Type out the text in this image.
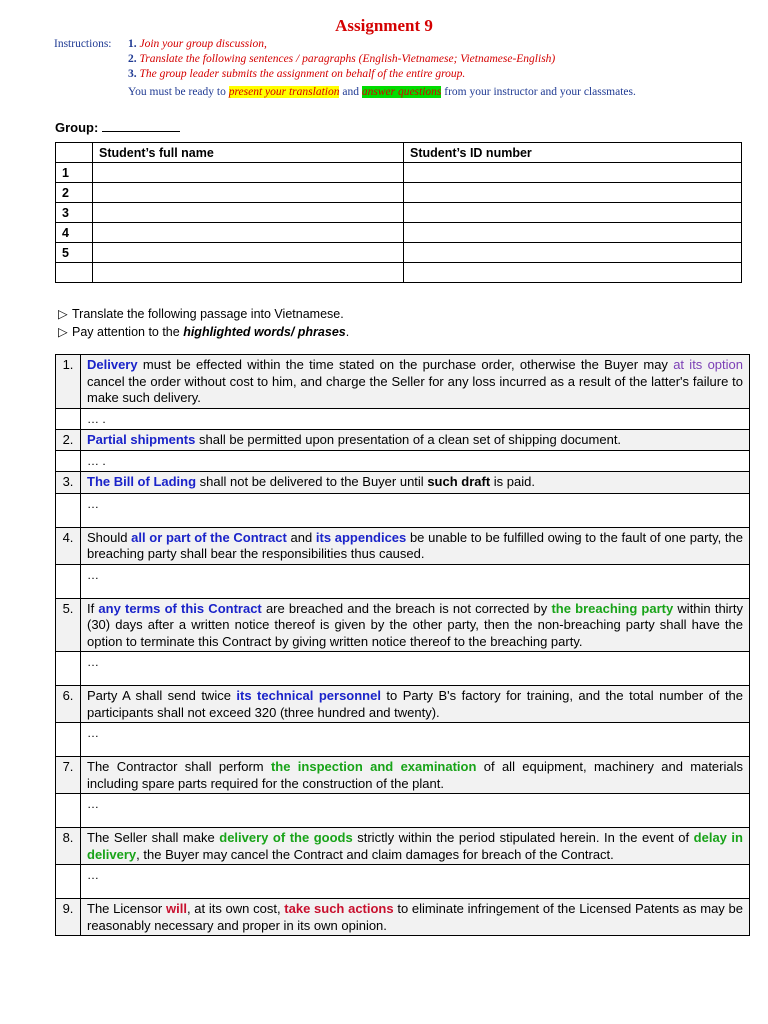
Assignment 9
Instructions: 1. Join your group discussion,
2. Translate the following sentences / paragraphs (English-Vietnamese; Vietnamese-English)
3. The group leader submits the assignment on behalf of the entire group.
You must be ready to present your translation and answer questions from your instructor and your classmates.
Group:
	Student’s full name	Student’s ID number
1		
2		
3		
4		
5		

▷ Translate the following passage into Vietnamese.
▷ Pay attention to the highlighted words/ phrases.
1.	Delivery must be effected within the time stated on the purchase order, otherwise the Buyer may at its option cancel the order without cost to him, and charge the Seller for any loss incurred as a result of the latter's failure to make such delivery.
	… .
2.	Partial shipments shall be permitted upon presentation of a clean set of shipping document.
	… .
3.	The Bill of Lading shall not be delivered to the Buyer until such draft is paid.
	…
4.	Should all or part of the Contract and its appendices be unable to be fulfilled owing to the fault of one party, the breaching party shall bear the responsibilities thus caused.
	…
5.	If any terms of this Contract are breached and the breach is not corrected by the breaching party within thirty (30) days after a written notice thereof is given by the other party, then the non-breaching party shall have the option to terminate this Contract by giving written notice thereof to the breaching party.
	…
6.	Party A shall send twice its technical personnel to Party B's factory for training, and the total number of the participants shall not exceed 320 (three hundred and twenty).
	…
7.	The Contractor shall perform the inspection and examination of all equipment, machinery and materials including spare parts required for the construction of the plant.
	…
8.	The Seller shall make delivery of the goods strictly within the period stipulated herein. In the event of delay in delivery, the Buyer may cancel the Contract and claim damages for breach of the Contract.
	…
9.	The Licensor will, at its own cost, take such actions to eliminate infringement of the Licensed Patents as may be reasonably necessary and proper in its own opinion.
